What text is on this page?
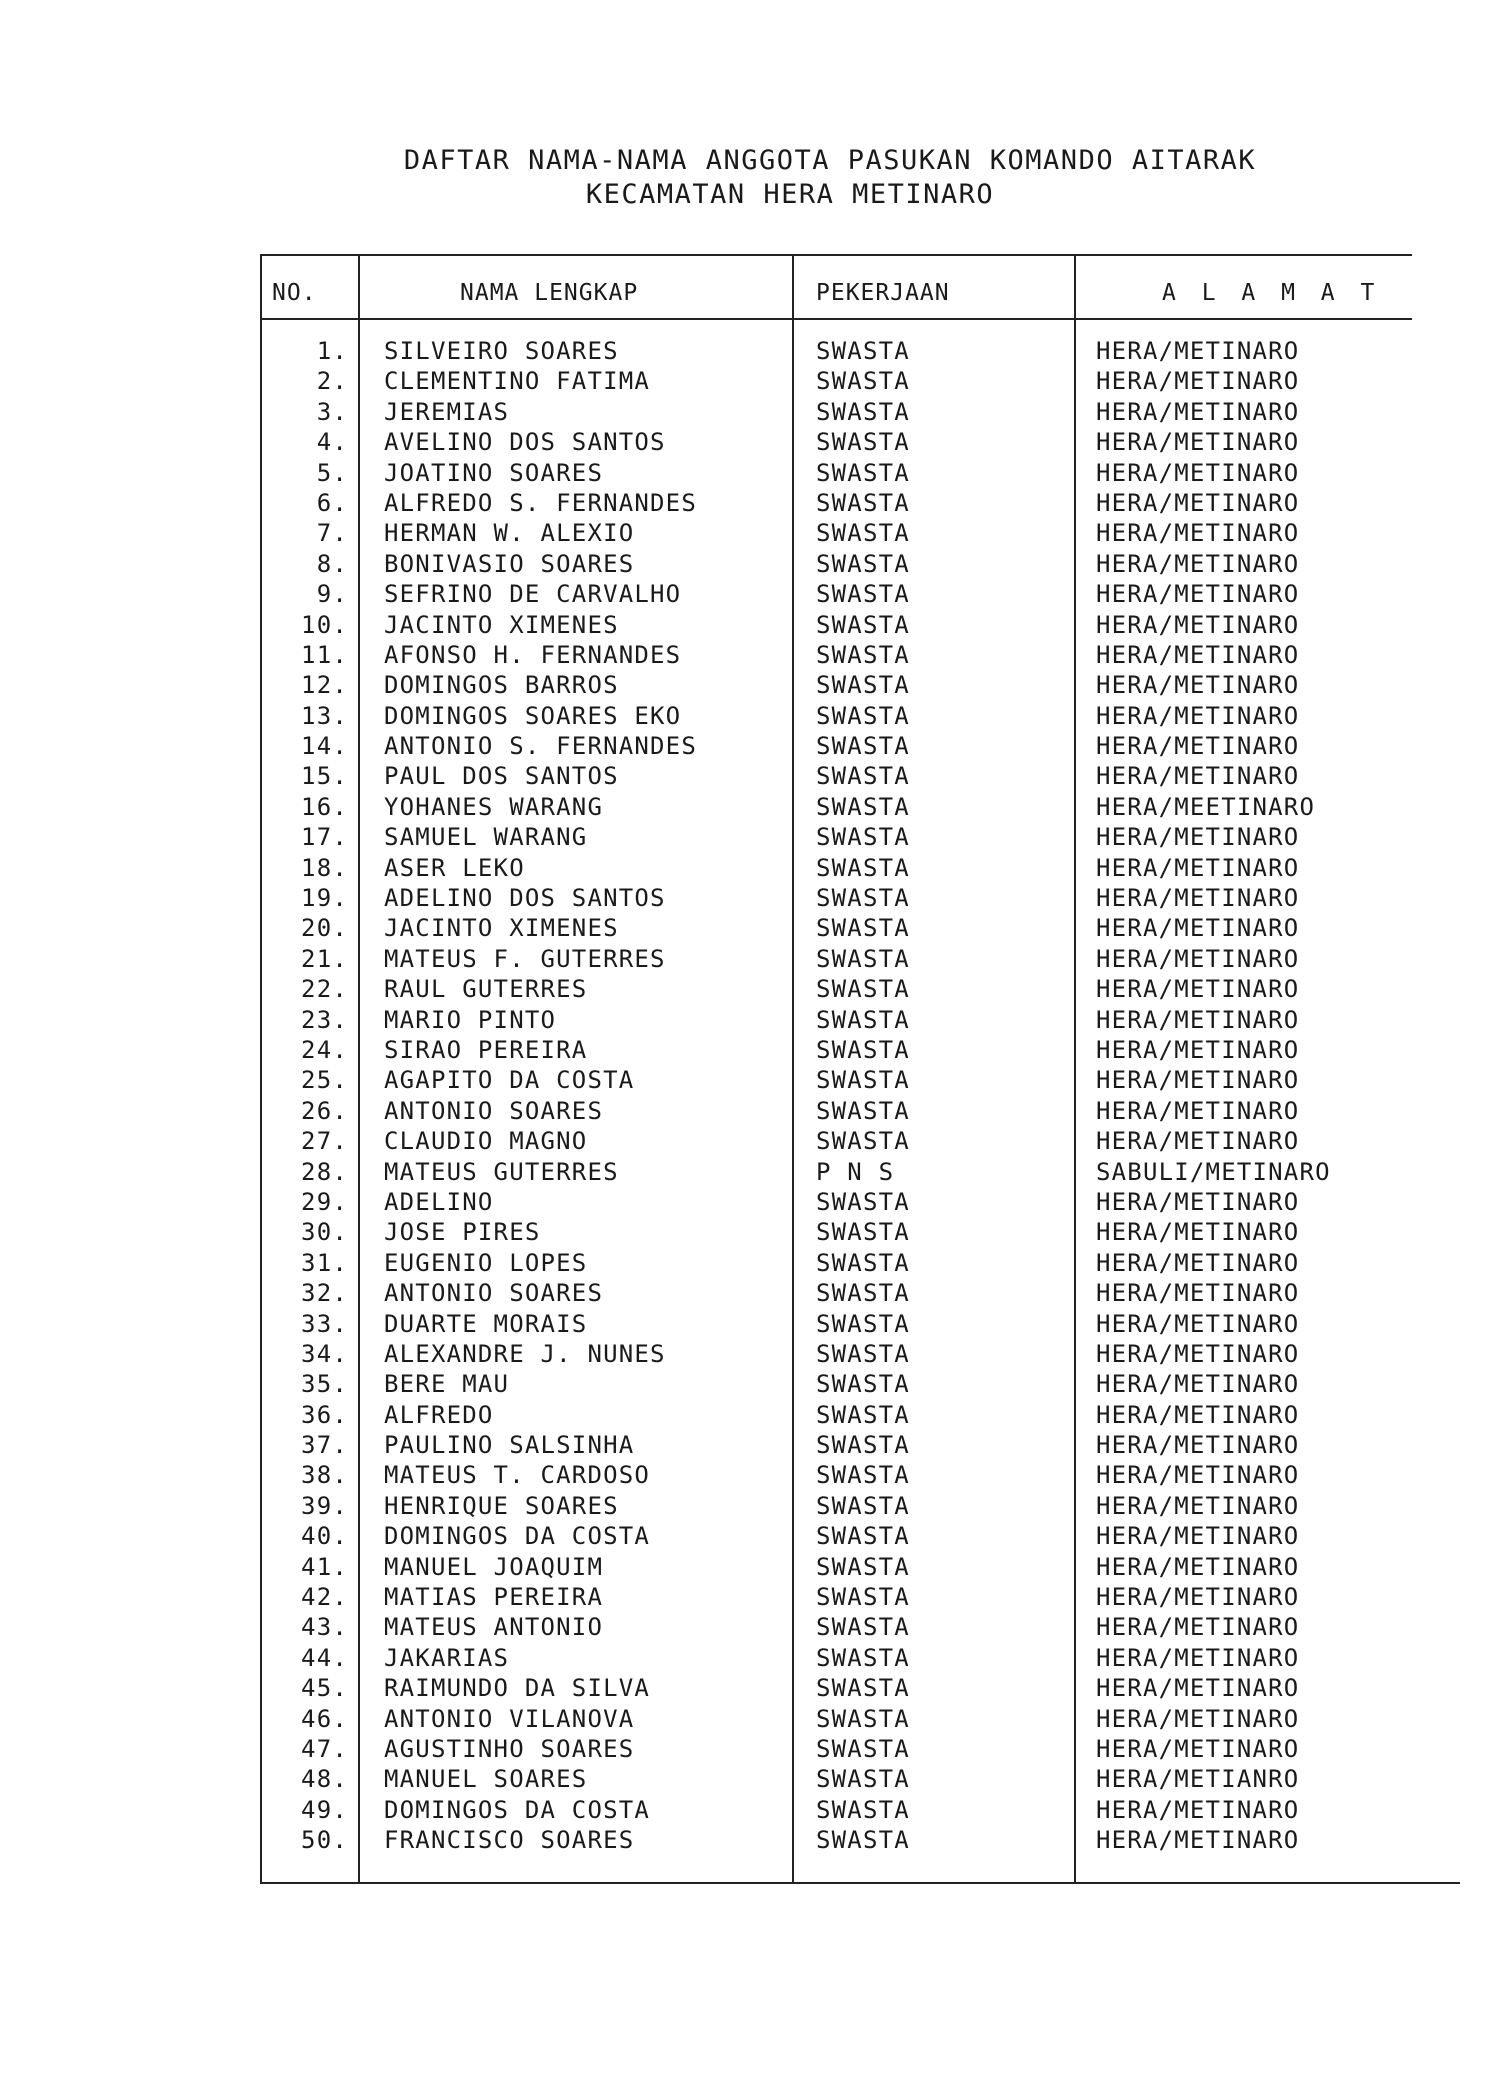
DAFTAR NAMA-NAMA ANGGOTA PASUKAN KOMANDO AITARAK
KECAMATAN HERA METINARO
NO.	NAMA LENGKAP	PEKERJAAN	A L A M A T
1. SILVEIRO SOARES	SWASTA	HERA/METINARO
2. CLEMENTINO FATIMA	SWASTA	HERA/METINARO
3. JEREMIAS	SWASTA	HERA/METINARO
4. AVELINO DOS SANTOS	SWASTA	HERA/METINARO
5. JOATINO SOARES	SWASTA	HERA/METINARO
6. ALFREDO S. FERNANDES	SWASTA	HERA/METINARO
7. HERMAN W. ALEXIO	SWASTA	HERA/METINARO
8. BONIVASIO SOARES	SWASTA	HERA/METINARO
9. SEFRINO DE CARVALHO	SWASTA	HERA/METINARO
10. JACINTO XIMENES	SWASTA	HERA/METINARO
11. AFONSO H. FERNANDES	SWASTA	HERA/METINARO
12. DOMINGOS BARROS	SWASTA	HERA/METINARO
13. DOMINGOS SOARES EKO	SWASTA	HERA/METINARO
14. ANTONIO S. FERNANDES	SWASTA	HERA/METINARO
15. PAUL DOS SANTOS	SWASTA	HERA/METINARO
16. YOHANES WARANG	SWASTA	HERA/MEETINARO
17. SAMUEL WARANG	SWASTA	HERA/METINARO
18. ASER LEKO	SWASTA	HERA/METINARO
19. ADELINO DOS SANTOS	SWASTA	HERA/METINARO
20. JACINTO XIMENES	SWASTA	HERA/METINARO
21. MATEUS F. GUTERRES	SWASTA	HERA/METINARO
22. RAUL GUTERRES	SWASTA	HERA/METINARO
23. MARIO PINTO	SWASTA	HERA/METINARO
24. SIRAO PEREIRA	SWASTA	HERA/METINARO
25. AGAPITO DA COSTA	SWASTA	HERA/METINARO
26. ANTONIO SOARES	SWASTA	HERA/METINARO
27. CLAUDIO MAGNO	SWASTA	HERA/METINARO
28. MATEUS GUTERRES	P N S	SABULI/METINARO
29. ADELINO	SWASTA	HERA/METINARO
30. JOSE PIRES	SWASTA	HERA/METINARO
31. EUGENIO LOPES	SWASTA	HERA/METINARO
32. ANTONIO SOARES	SWASTA	HERA/METINARO
33. DUARTE MORAIS	SWASTA	HERA/METINARO
34. ALEXANDRE J. NUNES	SWASTA	HERA/METINARO
35. BERE MAU	SWASTA	HERA/METINARO
36. ALFREDO	SWASTA	HERA/METINARO
37. PAULINO SALSINHA	SWASTA	HERA/METINARO
38. MATEUS T. CARDOSO	SWASTA	HERA/METINARO
39. HENRIQUE SOARES	SWASTA	HERA/METINARO
40. DOMINGOS DA COSTA	SWASTA	HERA/METINARO
41. MANUEL JOAQUIM	SWASTA	HERA/METINARO
42. MATIAS PEREIRA	SWASTA	HERA/METINARO
43. MATEUS ANTONIO	SWASTA	HERA/METINARO
44. JAKARIAS	SWASTA	HERA/METINARO
45. RAIMUNDO DA SILVA	SWASTA	HERA/METINARO
46. ANTONIO VILANOVA	SWASTA	HERA/METINARO
47. AGUSTINHO SOARES	SWASTA	HERA/METINARO
48. MANUEL SOARES	SWASTA	HERA/METIANRO
49. DOMINGOS DA COSTA	SWASTA	HERA/METINARO
50. FRANCISCO SOARES	SWASTA	HERA/METINARO
